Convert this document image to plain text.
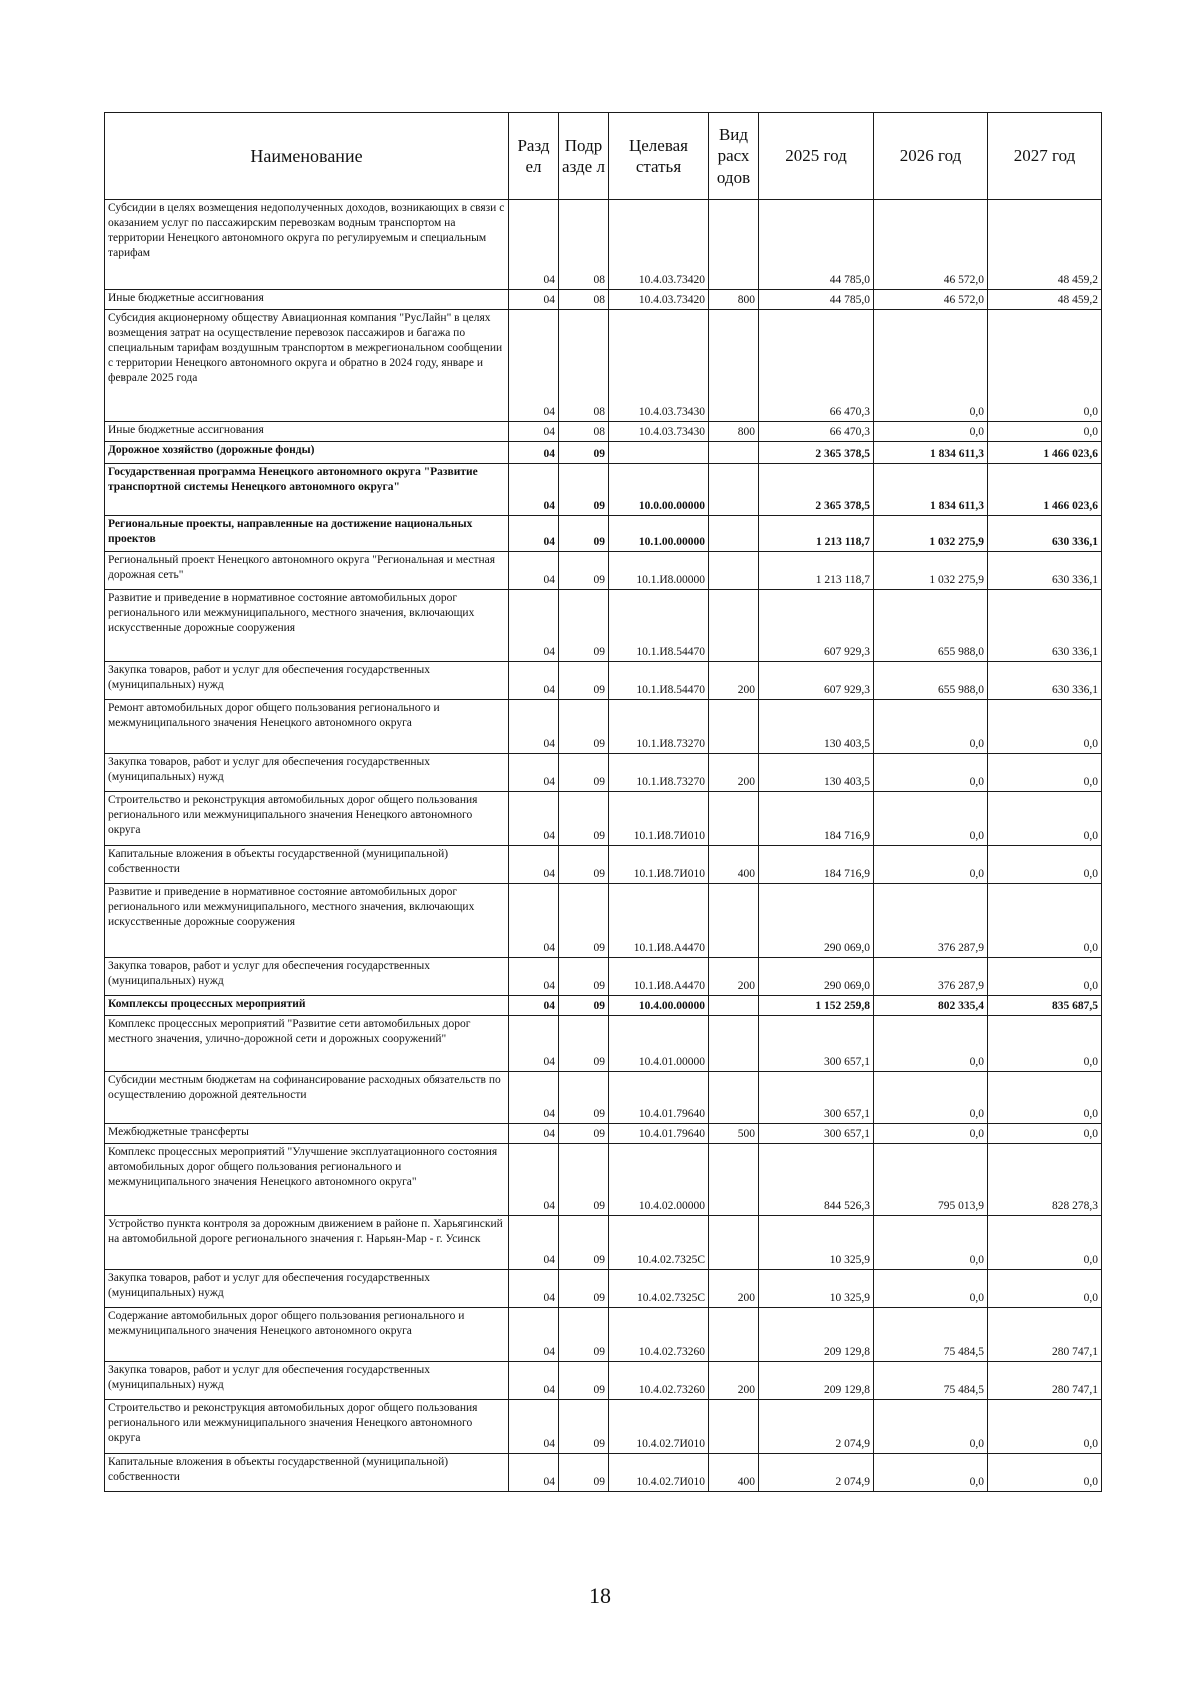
Наименование	Разд ел	Подр азде л	Целевая статья	Вид расх одов	2025 год	2026 год	2027 год
Субсидии в целях возмещения недополученных доходов, возникающих в связи с оказанием услуг по пассажирским перевозкам водным транспортом на территории Ненецкого автономного округа по регулируемым и специальным тарифам	04	08	10.4.03.73420		44 785,0	46 572,0	48 459,2
Иные бюджетные ассигнования	04	08	10.4.03.73420	800	44 785,0	46 572,0	48 459,2
Субсидия акционерному обществу Авиационная компания "РусЛайн" в целях возмещения затрат на осуществление перевозок пассажиров и багажа по специальным тарифам воздушным транспортом в межрегиональном сообщении с территории Ненецкого автономного округа и обратно в 2024 году, январе и феврале 2025 года	04	08	10.4.03.73430		66 470,3	0,0	0,0
Иные бюджетные ассигнования	04	08	10.4.03.73430	800	66 470,3	0,0	0,0
Дорожное хозяйство (дорожные фонды)	04	09			2 365 378,5	1 834 611,3	1 466 023,6
Государственная программа Ненецкого автономного округа "Развитие транспортной системы Ненецкого автономного округа"	04	09	10.0.00.00000		2 365 378,5	1 834 611,3	1 466 023,6
Региональные проекты, направленные на достижение национальных проектов	04	09	10.1.00.00000		1 213 118,7	1 032 275,9	630 336,1
Региональный проект Ненецкого автономного округа "Региональная и местная дорожная сеть"	04	09	10.1.И8.00000		1 213 118,7	1 032 275,9	630 336,1
Развитие и приведение в нормативное состояние автомобильных дорог регионального или межмуниципального, местного значения, включающих искусственные дорожные сооружения	04	09	10.1.И8.54470		607 929,3	655 988,0	630 336,1
Закупка товаров, работ и услуг для обеспечения государственных (муниципальных) нужд	04	09	10.1.И8.54470	200	607 929,3	655 988,0	630 336,1
Ремонт автомобильных дорог общего пользования регионального и межмуниципального значения Ненецкого автономного округа	04	09	10.1.И8.73270		130 403,5	0,0	0,0
Закупка товаров, работ и услуг для обеспечения государственных (муниципальных) нужд	04	09	10.1.И8.73270	200	130 403,5	0,0	0,0
Строительство и реконструкция автомобильных дорог общего пользования регионального или межмуниципального значения Ненецкого автономного округа	04	09	10.1.И8.7И010		184 716,9	0,0	0,0
Капитальные вложения в объекты государственной (муниципальной) собственности	04	09	10.1.И8.7И010	400	184 716,9	0,0	0,0
Развитие и приведение в нормативное состояние автомобильных дорог регионального или межмуниципального, местного значения, включающих искусственные дорожные сооружения	04	09	10.1.И8.А4470		290 069,0	376 287,9	0,0
Закупка товаров, работ и услуг для обеспечения государственных (муниципальных) нужд	04	09	10.1.И8.А4470	200	290 069,0	376 287,9	0,0
Комплексы процессных мероприятий	04	09	10.4.00.00000		1 152 259,8	802 335,4	835 687,5
Комплекс процессных мероприятий "Развитие сети автомобильных дорог местного значения, улично-дорожной сети и дорожных сооружений"	04	09	10.4.01.00000		300 657,1	0,0	0,0
Субсидии местным бюджетам на софинансирование расходных обязательств по осуществлению дорожной деятельности	04	09	10.4.01.79640		300 657,1	0,0	0,0
Межбюджетные трансферты	04	09	10.4.01.79640	500	300 657,1	0,0	0,0
Комплекс процессных мероприятий "Улучшение эксплуатационного состояния автомобильных дорог общего пользования регионального и межмуниципального значения Ненецкого автономного округа"	04	09	10.4.02.00000		844 526,3	795 013,9	828 278,3
Устройство пункта контроля за дорожным движением в районе п. Харьягинский на автомобильной дороге регионального значения г. Нарьян-Мар - г. Усинск	04	09	10.4.02.7325С		10 325,9	0,0	0,0
Закупка товаров, работ и услуг для обеспечения государственных (муниципальных) нужд	04	09	10.4.02.7325С	200	10 325,9	0,0	0,0
Содержание автомобильных дорог общего пользования регионального и межмуниципального значения Ненецкого автономного округа	04	09	10.4.02.73260		209 129,8	75 484,5	280 747,1
Закупка товаров, работ и услуг для обеспечения государственных (муниципальных) нужд	04	09	10.4.02.73260	200	209 129,8	75 484,5	280 747,1
Строительство и реконструкция автомобильных дорог общего пользования регионального или межмуниципального значения Ненецкого автономного округа	04	09	10.4.02.7И010		2 074,9	0,0	0,0
Капитальные вложения в объекты государственной (муниципальной) собственности	04	09	10.4.02.7И010	400	2 074,9	0,0	0,0
18
